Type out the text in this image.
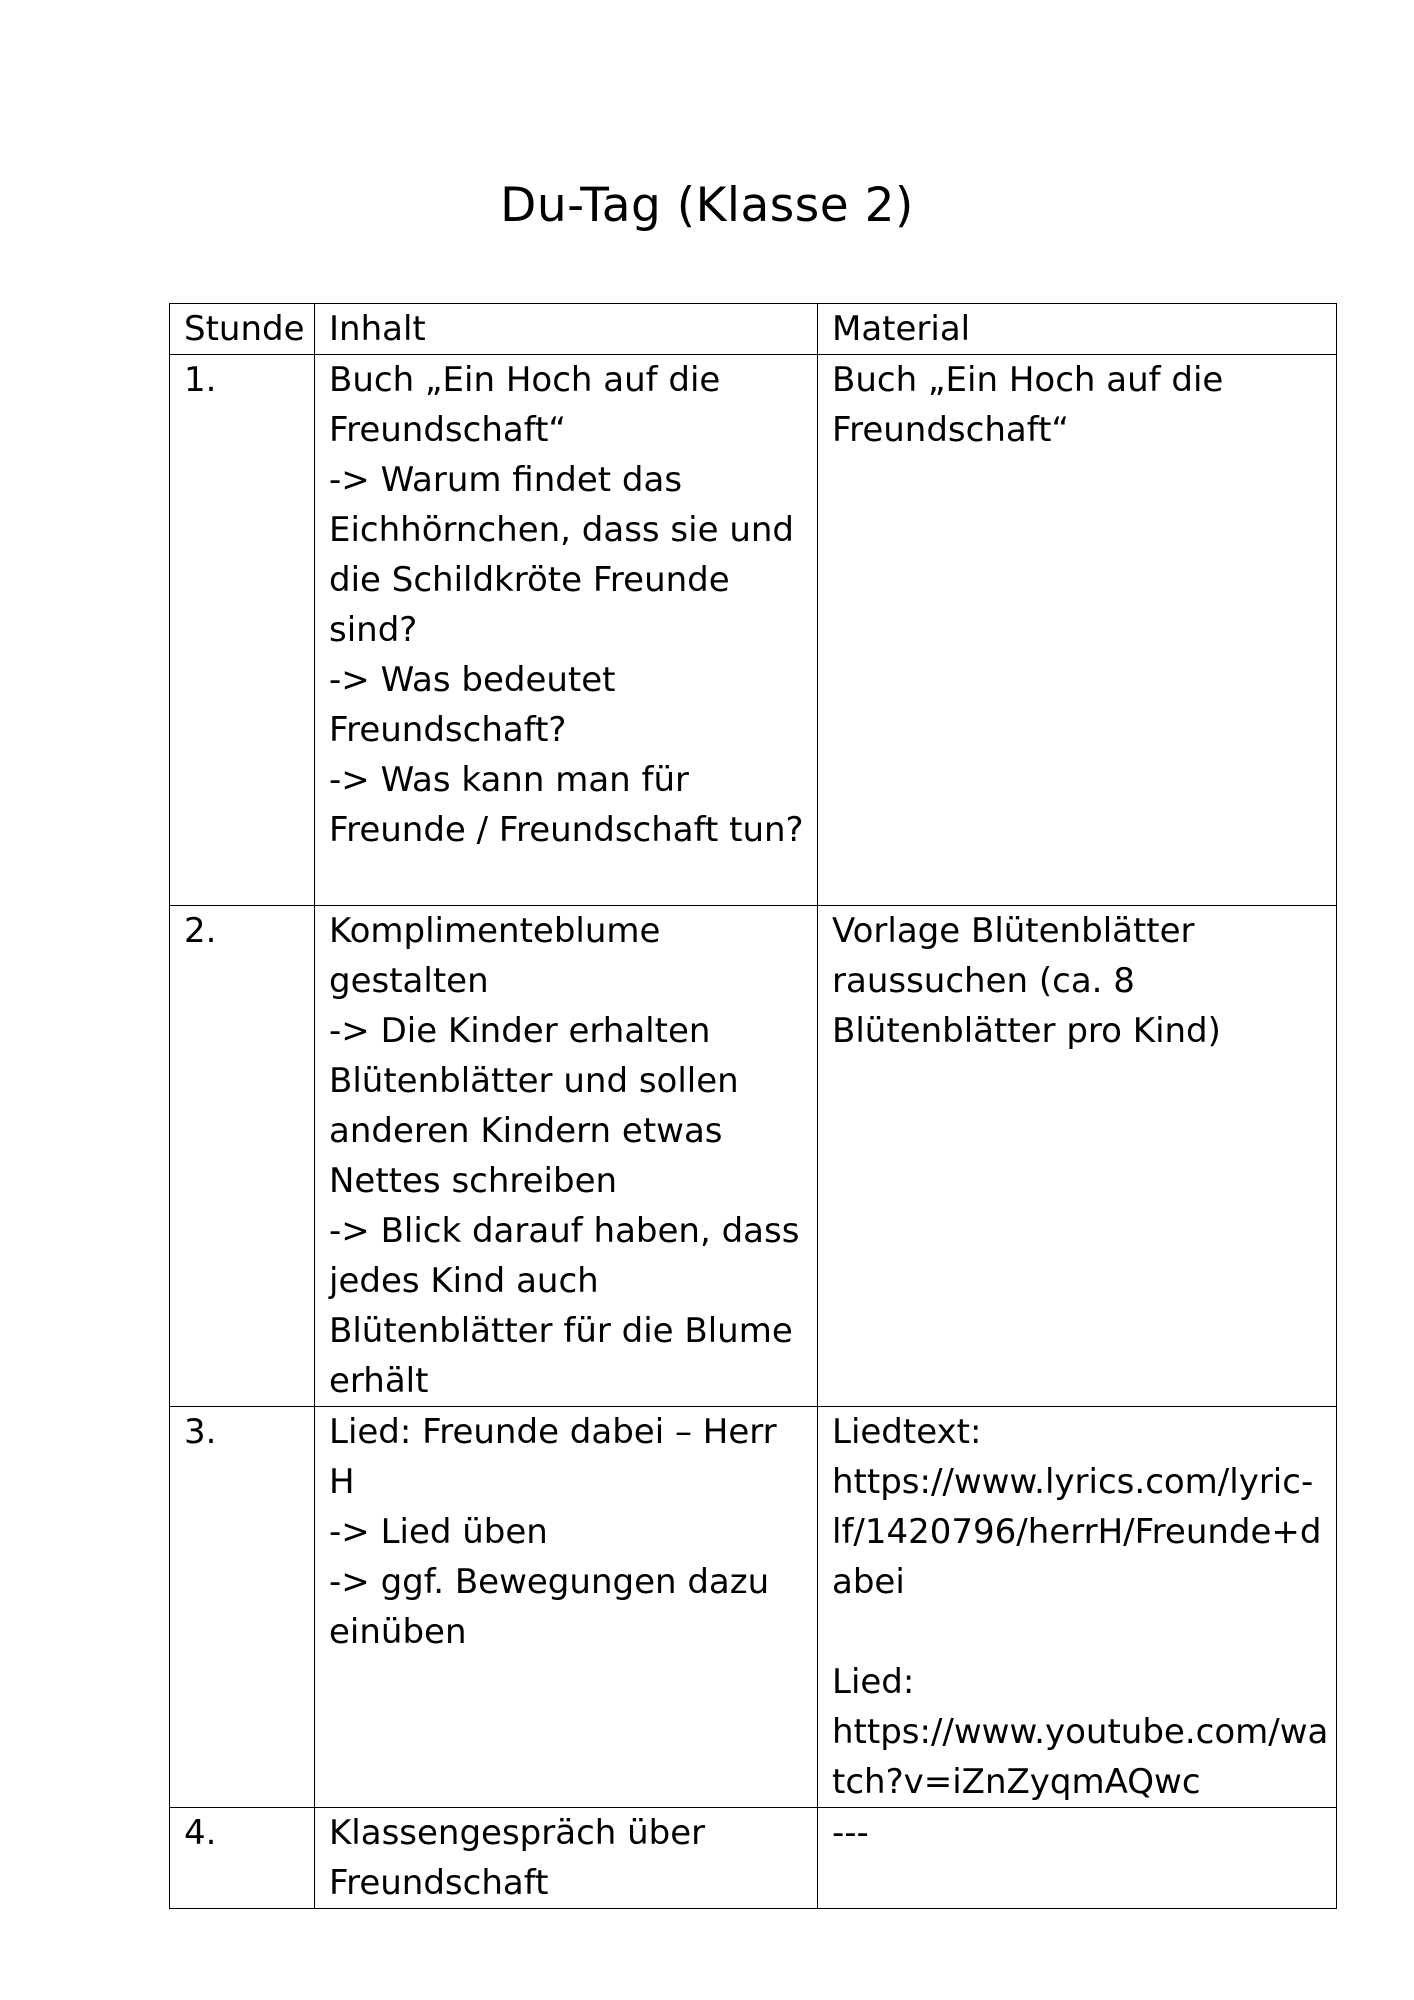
Du-Tag (Klasse 2)
Stunde	Inhalt	Material
1.	Buch „Ein Hoch auf die Freundschaft“
-> Warum findet das Eichhörnchen, dass sie und die Schildkröte Freunde sind?
-> Was bedeutet Freundschaft?
-> Was kann man für Freunde / Freundschaft tun?	Buch „Ein Hoch auf die Freundschaft“
2.	Komplimenteblume gestalten
-> Die Kinder erhalten Blütenblätter und sollen anderen Kindern etwas Nettes schreiben
-> Blick darauf haben, dass jedes Kind auch Blütenblätter für die Blume erhält	Vorlage Blütenblätter raussuchen (ca. 8 Blütenblätter pro Kind)
3.	Lied: Freunde dabei – Herr H
-> Lied üben
-> ggf. Bewegungen dazu einüben	Liedtext:
https://www.lyrics.com/lyric-lf/1420796/herrH/Freunde+dabei

Lied:
https://www.youtube.com/watch?v=iZnZyqmAQwc
4.	Klassengespräch über Freundschaft	---
